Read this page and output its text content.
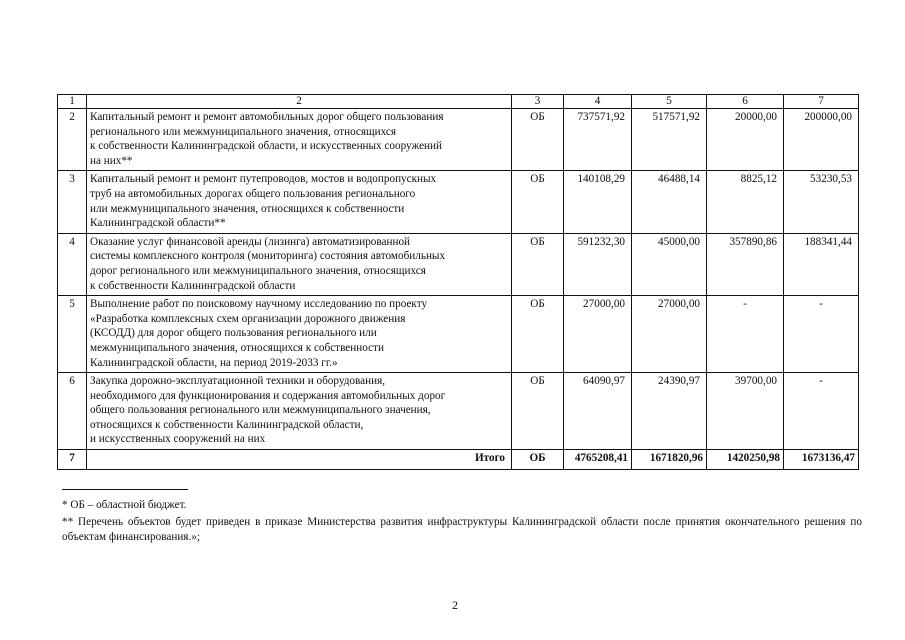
1	2	3	4	5	6	7
2	Капитальный ремонт и ремонт автомобильных дорог общего пользования
регионального или межмуниципального значения, относящихся
к собственности Калининградской области, и искусственных сооружений
на них**	ОБ	737571,92	517571,92	20000,00	200000,00
3	Капитальный ремонт и ремонт путепроводов, мостов и водопропускных
труб на автомобильных дорогах общего пользования регионального
или межмуниципального значения, относящихся к собственности
Калининградской области**	ОБ	140108,29	46488,14	8825,12	53230,53
4	Оказание услуг финансовой аренды (лизинга) автоматизированной
системы комплексного контроля (мониторинга) состояния автомобильных
дорог регионального или межмуниципального значения, относящихся
к собственности Калининградской области	ОБ	591232,30	45000,00	357890,86	188341,44
5	Выполнение работ по поисковому научному исследованию по проекту
«Разработка комплексных схем организации дорожного движения
(КСОДД) для дорог общего пользования регионального или
межмуниципального значения, относящихся к собственности
Калининградской области, на период 2019-2033 гг.»	ОБ	27000,00	27000,00	-	-
6	Закупка дорожно-эксплуатационной техники и оборудования,
необходимого для функционирования и содержания автомобильных дорог
общего пользования регионального или межмуниципального значения,
относящихся к собственности Калининградской области,
и искусственных сооружений на них	ОБ	64090,97	24390,97	39700,00	-
7	Итого	ОБ	4765208,41	1671820,96	1420250,98	1673136,47
* ОБ – областной бюджет.
** Перечень объектов будет приведен в приказе Министерства развития инфраструктуры Калининградской области после принятия окончательного решения по объектам финансирования.»;
2
